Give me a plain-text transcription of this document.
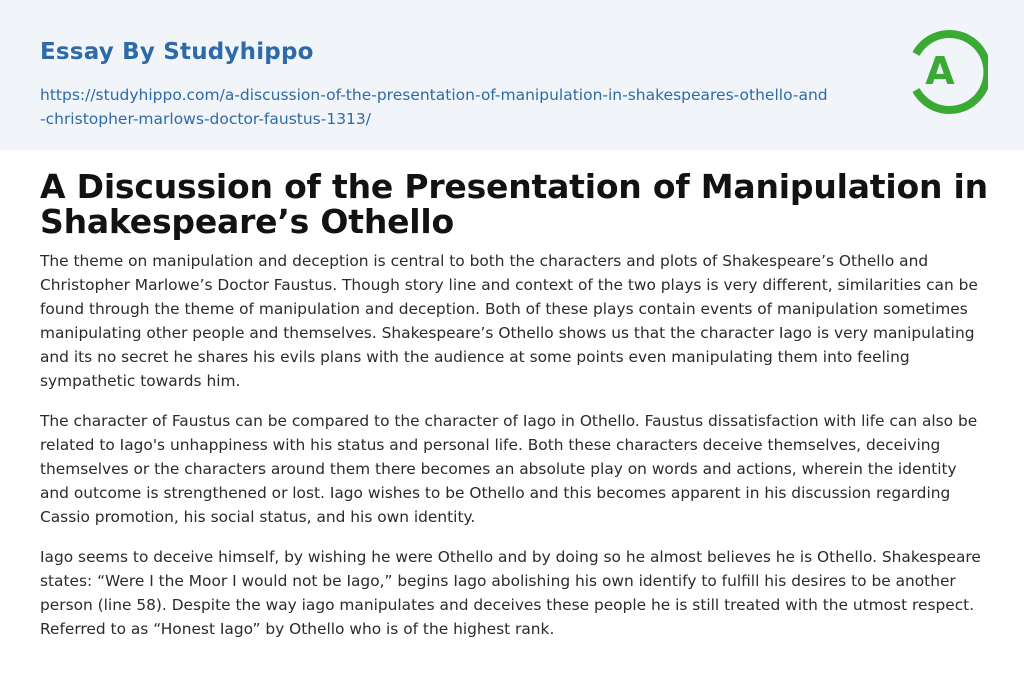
Essay By Studyhippo
https://studyhippo.com/a-discussion-of-the-presentation-of-manipulation-in-shakespeares-othello-and-christopher-marlows-doctor-faustus-1313/
A
A Discussion of the Presentation of Manipulation in Shakespeare’s Othello

The theme on manipulation and deception is central to both the characters and plots of Shakespeare’s Othello and Christopher Marlowe’s Doctor Faustus. Though story line and context of the two plays is very different, similarities can be found through the theme of manipulation and deception. Both of these plays contain events of manipulation sometimes manipulating other people and themselves. Shakespeare’s Othello shows us that the character Iago is very manipulating and its no secret he shares his evils plans with the audience at some points even manipulating them into feeling sympathetic towards him.

The character of Faustus can be compared to the character of Iago in Othello. Faustus dissatisfaction with life can also be related to Iago's unhappiness with his status and personal life. Both these characters deceive themselves, deceiving themselves or the characters around them there becomes an absolute play on words and actions, wherein the identity and outcome is strengthened or lost. Iago wishes to be Othello and this becomes apparent in his discussion regarding Cassio promotion, his social status, and his own identity.

Iago seems to deceive himself, by wishing he were Othello and by doing so he almost believes he is Othello. Shakespeare states: “Were I the Moor I would not be Iago,” begins Iago abolishing his own identify to fulfill his desires to be another person (line 58). Despite the way iago manipulates and deceives these people he is still treated with the utmost respect. Referred to as “Honest Iago” by Othello who is of the highest rank.
